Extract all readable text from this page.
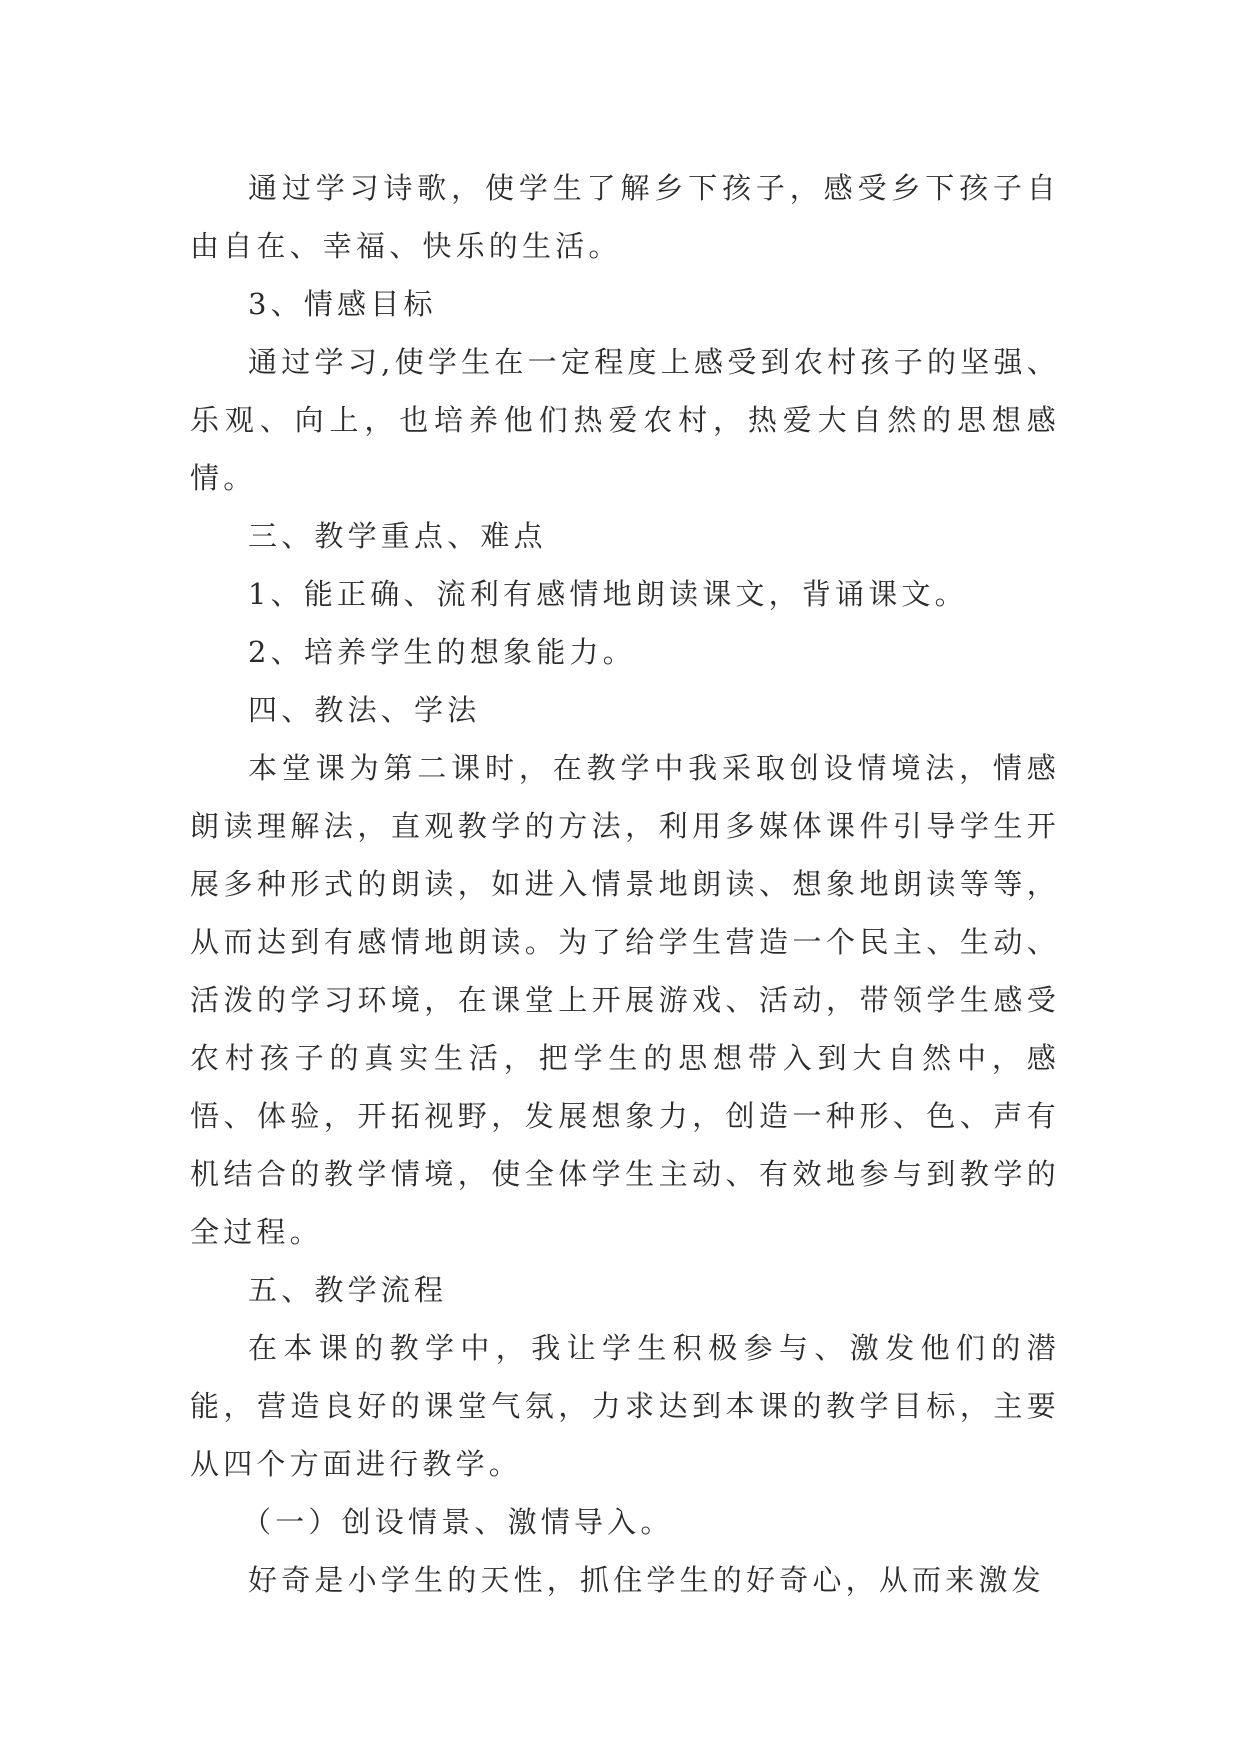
通过学习诗歌，使学生了解乡下孩子，感受乡下孩子自由自在、幸福、快乐的生活。

3、情感目标

通过学习,使学生在一定程度上感受到农村孩子的坚强、乐观、向上，也培养他们热爱农村，热爱大自然的思想感情。

三、教学重点、难点

1、能正确、流利有感情地朗读课文，背诵课文。

2、培养学生的想象能力。

四、教法、学法

本堂课为第二课时，在教学中我采取创设情境法，情感朗读理解法，直观教学的方法，利用多媒体课件引导学生开展多种形式的朗读，如进入情景地朗读、想象地朗读等等，从而达到有感情地朗读。为了给学生营造一个民主、生动、活泼的学习环境，在课堂上开展游戏、活动，带领学生感受农村孩子的真实生活，把学生的思想带入到大自然中，感悟、体验，开拓视野，发展想象力，创造一种形、色、声有机结合的教学情境，使全体学生主动、有效地参与到教学的全过程。

五、教学流程

在本课的教学中，我让学生积极参与、激发他们的潜能，营造良好的课堂气氛，力求达到本课的教学目标，主要从四个方面进行教学。

（一）创设情景、激情导入。

好奇是小学生的天性，抓住学生的好奇心，从而来激发
